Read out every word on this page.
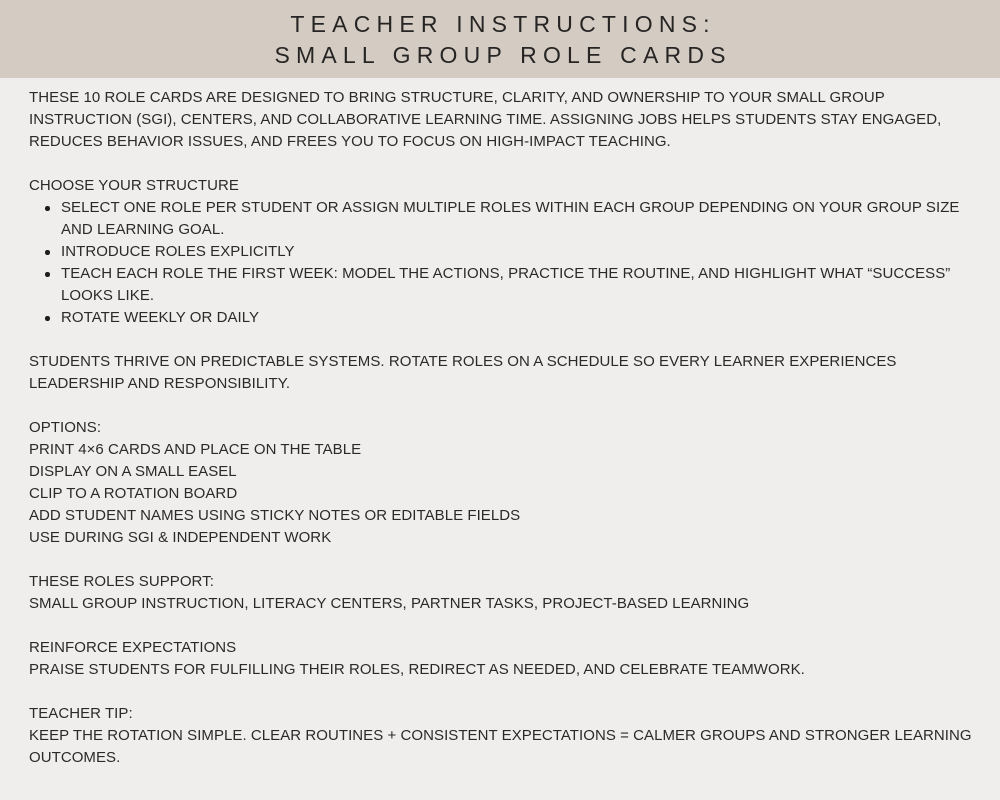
TEACHER INSTRUCTIONS:
SMALL GROUP ROLE CARDS

THESE 10 ROLE CARDS ARE DESIGNED TO BRING STRUCTURE, CLARITY, AND OWNERSHIP TO YOUR SMALL GROUP INSTRUCTION (SGI), CENTERS, AND COLLABORATIVE LEARNING TIME. ASSIGNING JOBS HELPS STUDENTS STAY ENGAGED, REDUCES BEHAVIOR ISSUES, AND FREES YOU TO FOCUS ON HIGH-IMPACT TEACHING.

CHOOSE YOUR STRUCTURE

SELECT ONE ROLE PER STUDENT OR ASSIGN MULTIPLE ROLES WITHIN EACH GROUP DEPENDING ON YOUR GROUP SIZE AND LEARNING GOAL.
INTRODUCE ROLES EXPLICITLY
TEACH EACH ROLE THE FIRST WEEK: MODEL THE ACTIONS, PRACTICE THE ROUTINE, AND HIGHLIGHT WHAT “SUCCESS” LOOKS LIKE.
ROTATE WEEKLY OR DAILY

STUDENTS THRIVE ON PREDICTABLE SYSTEMS. ROTATE ROLES ON A SCHEDULE SO EVERY LEARNER EXPERIENCES LEADERSHIP AND RESPONSIBILITY.

OPTIONS:

PRINT 4×6 CARDS AND PLACE ON THE TABLE

DISPLAY ON A SMALL EASEL

CLIP TO A ROTATION BOARD

ADD STUDENT NAMES USING STICKY NOTES OR EDITABLE FIELDS

USE DURING SGI & INDEPENDENT WORK

THESE ROLES SUPPORT:

SMALL GROUP INSTRUCTION, LITERACY CENTERS, PARTNER TASKS, PROJECT-BASED LEARNING

REINFORCE EXPECTATIONS

PRAISE STUDENTS FOR FULFILLING THEIR ROLES, REDIRECT AS NEEDED, AND CELEBRATE TEAMWORK.

TEACHER TIP:

KEEP THE ROTATION SIMPLE. CLEAR ROUTINES + CONSISTENT EXPECTATIONS = CALMER GROUPS AND STRONGER LEARNING OUTCOMES.
